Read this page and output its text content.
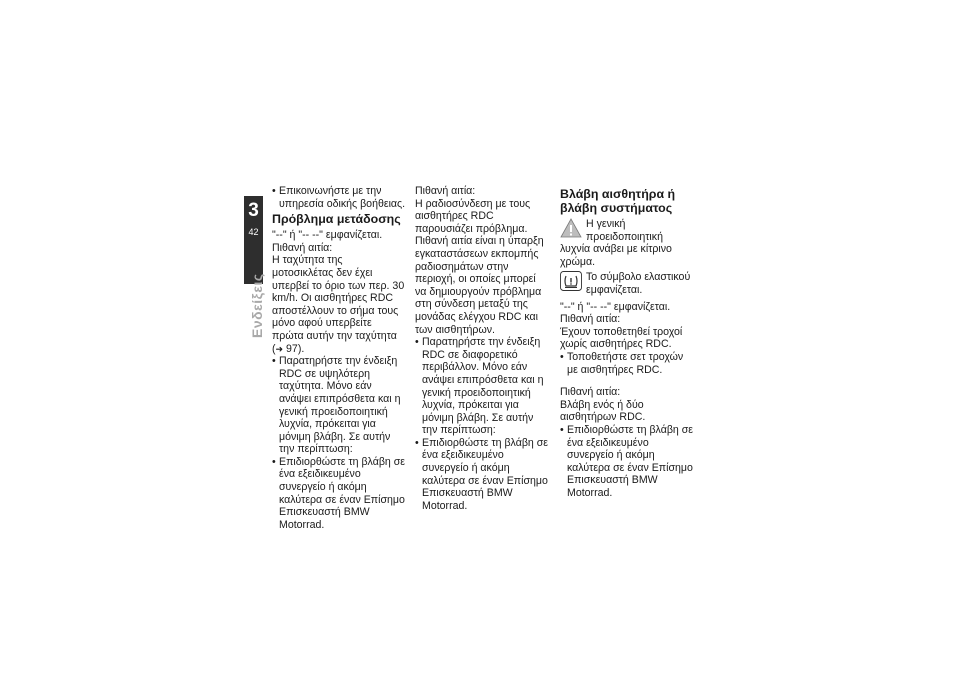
3
42
Ενδείξεις

• Επικοινωνήστε με την υπηρεσία οδικής βοήθειας.

Πρόβλημα μετάδοσης

"--" ή "-- --" εμφανίζεται.

Πιθανή αιτία:

Η ταχύτητα της μοτοσικλέτας δεν έχει υπερβεί το όριο των περ. 30 km/h. Οι αισθητήρες RDC αποστέλλουν το σήμα τους μόνο αφού υπερβείτε πρώτα αυτήν την ταχύτητα (➜ 97).

• Παρατηρήστε την ένδειξη RDC σε υψηλότερη ταχύτητα. Μόνο εάν ανάψει επιπρόσθετα και η γενική προειδοποιητική λυχνία, πρόκειται για μόνιμη βλάβη. Σε αυτήν την περίπτωση:

• Επιδιορθώστε τη βλάβη σε ένα εξειδικευμένο συνεργείο ή ακόμη καλύτερα σε έναν Επίσημο Επισκευαστή BMW Motorrad.

Πιθανή αιτία:

Η ραδιοσύνδεση με τους αισθητήρες RDC παρουσιάζει πρόβλημα. Πιθανή αιτία είναι η ύπαρξη εγκαταστάσεων εκπομπής ραδιοσημάτων στην περιοχή, οι οποίες μπορεί να δημιουργούν πρόβλημα στη σύνδεση μεταξύ της μονάδας ελέγχου RDC και των αισθητήρων.

• Παρατηρήστε την ένδειξη RDC σε διαφορετικό περιβάλλον. Μόνο εάν ανάψει επιπρόσθετα και η γενική προειδοποιητική λυχνία, πρόκειται για μόνιμη βλάβη. Σε αυτήν την περίπτωση:

• Επιδιορθώστε τη βλάβη σε ένα εξειδικευμένο συνεργείο ή ακόμη καλύτερα σε έναν Επίσημο Επισκευαστή BMW Motorrad.

Βλάβη αισθητήρα ή βλάβη συστήματος

Η γενική προειδοποιητική λυχνία ανάβει με κίτρινο χρώμα.

Το σύμβολο ελαστικού εμφανίζεται.

"--" ή "-- --" εμφανίζεται.

Πιθανή αιτία:

Έχουν τοποθετηθεί τροχοί χωρίς αισθητήρες RDC.

• Τοποθετήστε σετ τροχών με αισθητήρες RDC.

Πιθανή αιτία:

Βλάβη ενός ή δύο αισθητήρων RDC.

• Επιδιορθώστε τη βλάβη σε ένα εξειδικευμένο συνεργείο ή ακόμη καλύτερα σε έναν Επίσημο Επισκευαστή BMW Motorrad.
